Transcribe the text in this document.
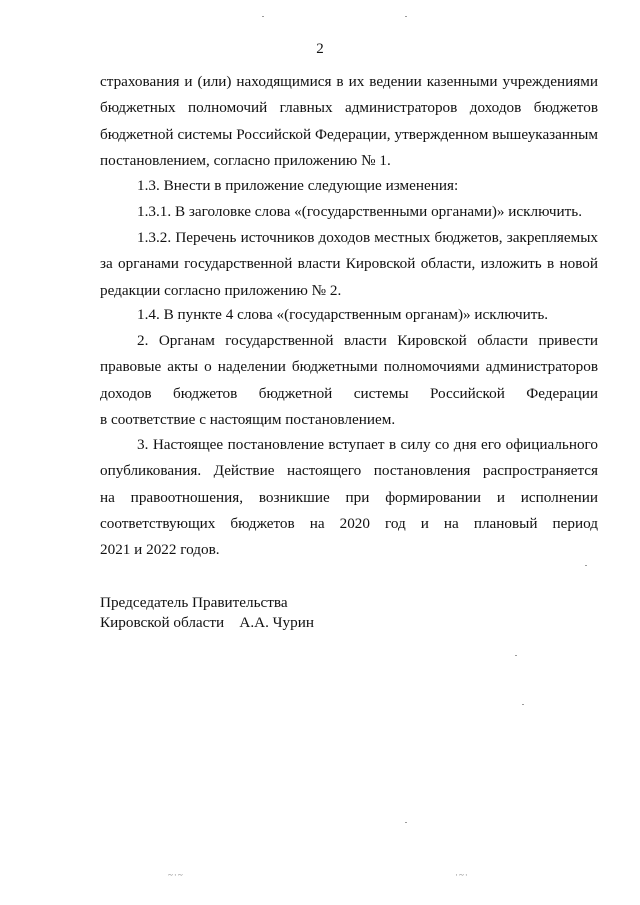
2
страхования и (или) находящимися в их ведении казенными учреждениями
бюджетных полномочий главных администраторов доходов бюджетов
бюджетной системы Российской Федерации, утвержденном вышеуказанным
постановлением, согласно приложению № 1.
1.3. Внести в приложение следующие изменения:
1.3.1. В заголовке слова «(государственными органами)» исключить.
1.3.2. Перечень источников доходов местных бюджетов, закрепляемых
за органами государственной власти Кировской области, изложить в новой
редакции согласно приложению № 2.
1.4. В пункте 4 слова «(государственным органам)» исключить.
2. Органам государственной власти Кировской области привести
правовые акты о наделении бюджетными полномочиями администраторов
доходов бюджетов бюджетной системы Российской Федерации
в соответствие с настоящим постановлением.
3. Настоящее постановление вступает в силу со дня его официального
опубликования. Действие настоящего постановления распространяется
на правоотношения, возникшие при формировании и исполнении
соответствующих бюджетов на 2020 год и на плановый период
2021 и 2022 годов.
Председатель Правительства
Кировской области А.А. Чурин
~·~	·~·
